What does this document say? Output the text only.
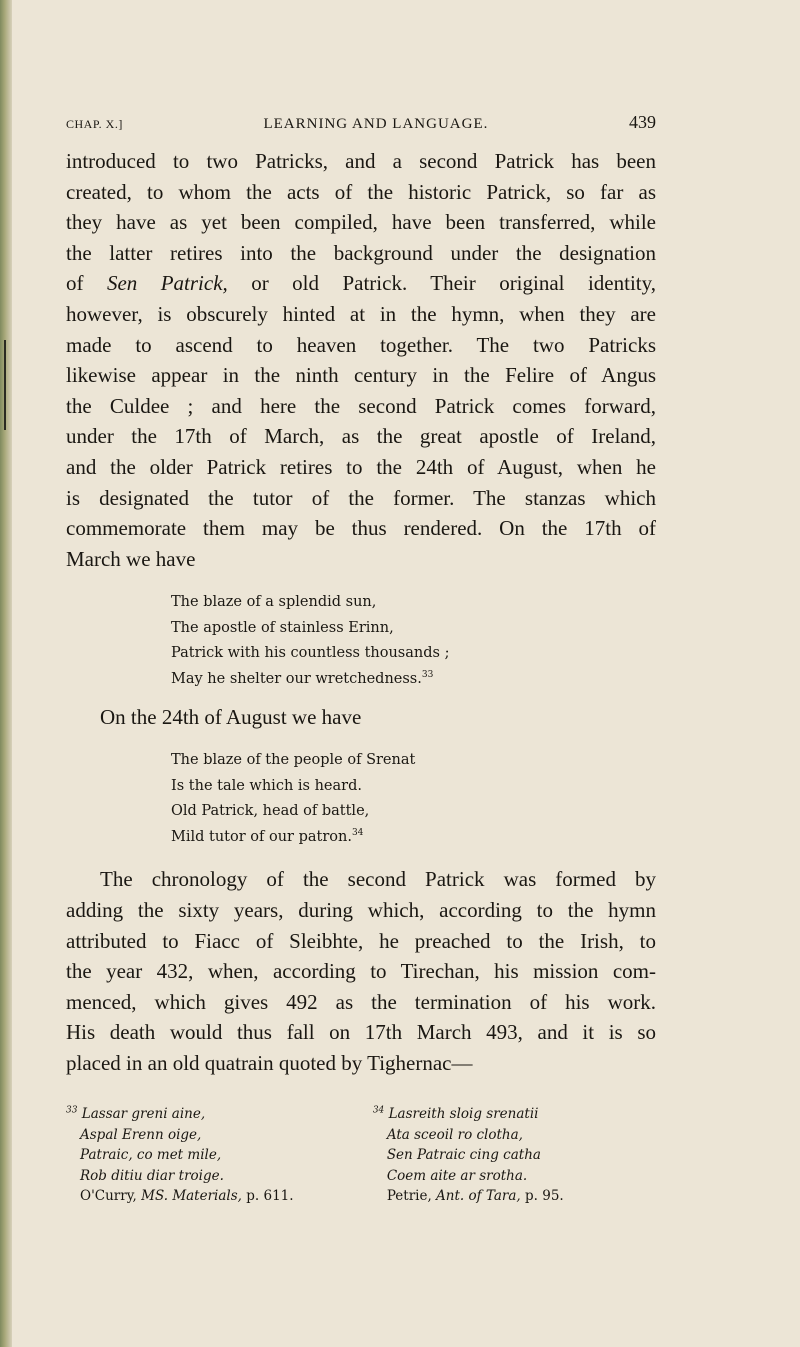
CHAP. X.]	LEARNING AND LANGUAGE.	439
introduced to two Patricks, and a second Patrick has been
created, to whom the acts of the historic Patrick, so far as
they have as yet been compiled, have been transferred, while
the latter retires into the background under the designation
of Sen Patrick, or old Patrick. Their original identity,
however, is obscurely hinted at in the hymn, when they are
made to ascend to heaven together. The two Patricks
likewise appear in the ninth century in the Felire of Angus
the Culdee ; and here the second Patrick comes forward,
under the 17th of March, as the great apostle of Ireland,
and the older Patrick retires to the 24th of August, when he
is designated the tutor of the former. The stanzas which
commemorate them may be thus rendered. On the 17th of
March we have
The blaze of a splendid sun,
The apostle of stainless Erinn,
Patrick with his countless thousands ;
May he shelter our wretchedness.$^{33}$
On the 24th of August we have
The blaze of the people of Srenat
Is the tale which is heard.
Old Patrick, head of battle,
Mild tutor of our patron.$^{34}$
The chronology of the second Patrick was formed by
adding the sixty years, during which, according to the hymn
attributed to Fiacc of Sleibhte, he preached to the Irish, to
the year 432, when, according to Tirechan, his mission com-
menced, which gives 492 as the termination of his work.
His death would thus fall on 17th March 493, and it is so
placed in an old quatrain quoted by Tighernac—
$^{33}$ Lassar greni aine,
Aspal Erenn oige,
Patraic, co met mile,
Rob ditiu diar troige.
O'Curry, MS. Materials, p. 611.
$^{34}$ Lasreith sloig srenatii
Ata sceoil ro clotha,
Sen Patraic cing catha
Coem aite ar srotha.
Petrie, Ant. of Tara, p. 95.
